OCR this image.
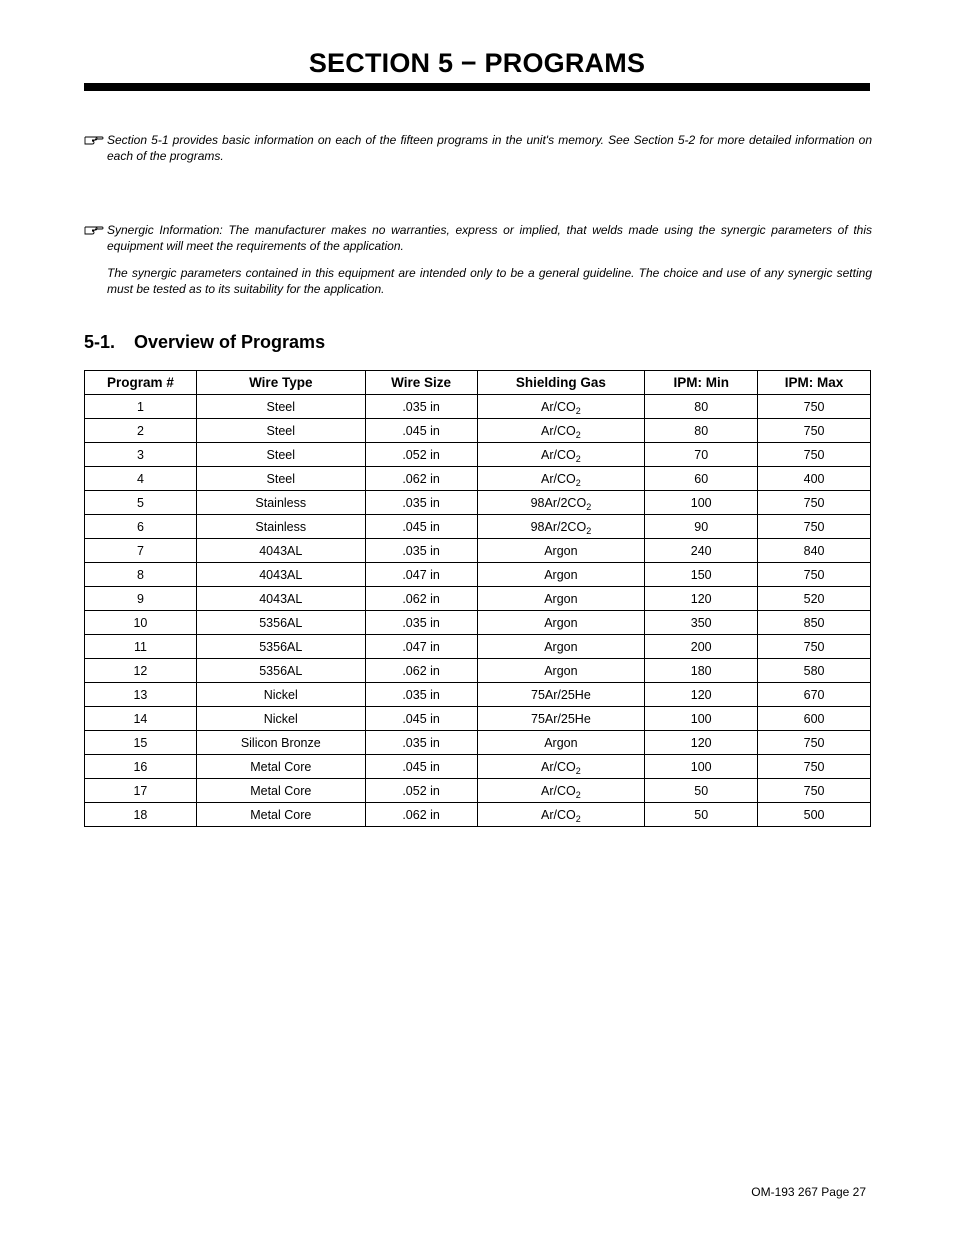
SECTION 5 − PROGRAMS

Section 5-1 provides basic information on each of the fifteen programs in the unit's memory. See Section 5-2 for more detailed information on each of the programs.

Synergic Information: The manufacturer makes no warranties, express or implied, that welds made using the synergic parameters of this equipment will meet the requirements of the application.

The synergic parameters contained in this equipment are intended only to be a general guideline. The choice and use of any synergic setting must be tested as to its suitability for the application.

5-1. Overview of Programs
Program #	Wire Type	Wire Size	Shielding Gas	IPM: Min	IPM: Max
1	Steel	.035 in	$Ar/CO_2$	80	750
2	Steel	.045 in	$Ar/CO_2$	80	750
3	Steel	.052 in	$Ar/CO_2$	70	750
4	Steel	.062 in	$Ar/CO_2$	60	400
5	Stainless	.035 in	$98Ar/2CO_2$	100	750
6	Stainless	.045 in	$98Ar/2CO_2$	90	750
7	4043AL	.035 in	Argon	240	840
8	4043AL	.047 in	Argon	150	750
9	4043AL	.062 in	Argon	120	520
10	5356AL	.035 in	Argon	350	850
11	5356AL	.047 in	Argon	200	750
12	5356AL	.062 in	Argon	180	580
13	Nickel	.035 in	75Ar/25He	120	670
14	Nickel	.045 in	75Ar/25He	100	600
15	Silicon Bronze	.035 in	Argon	120	750
16	Metal Core	.045 in	$Ar/CO_2$	100	750
17	Metal Core	.052 in	$Ar/CO_2$	50	750
18	Metal Core	.062 in	$Ar/CO_2$	50	500
OM-193 267 Page 27
